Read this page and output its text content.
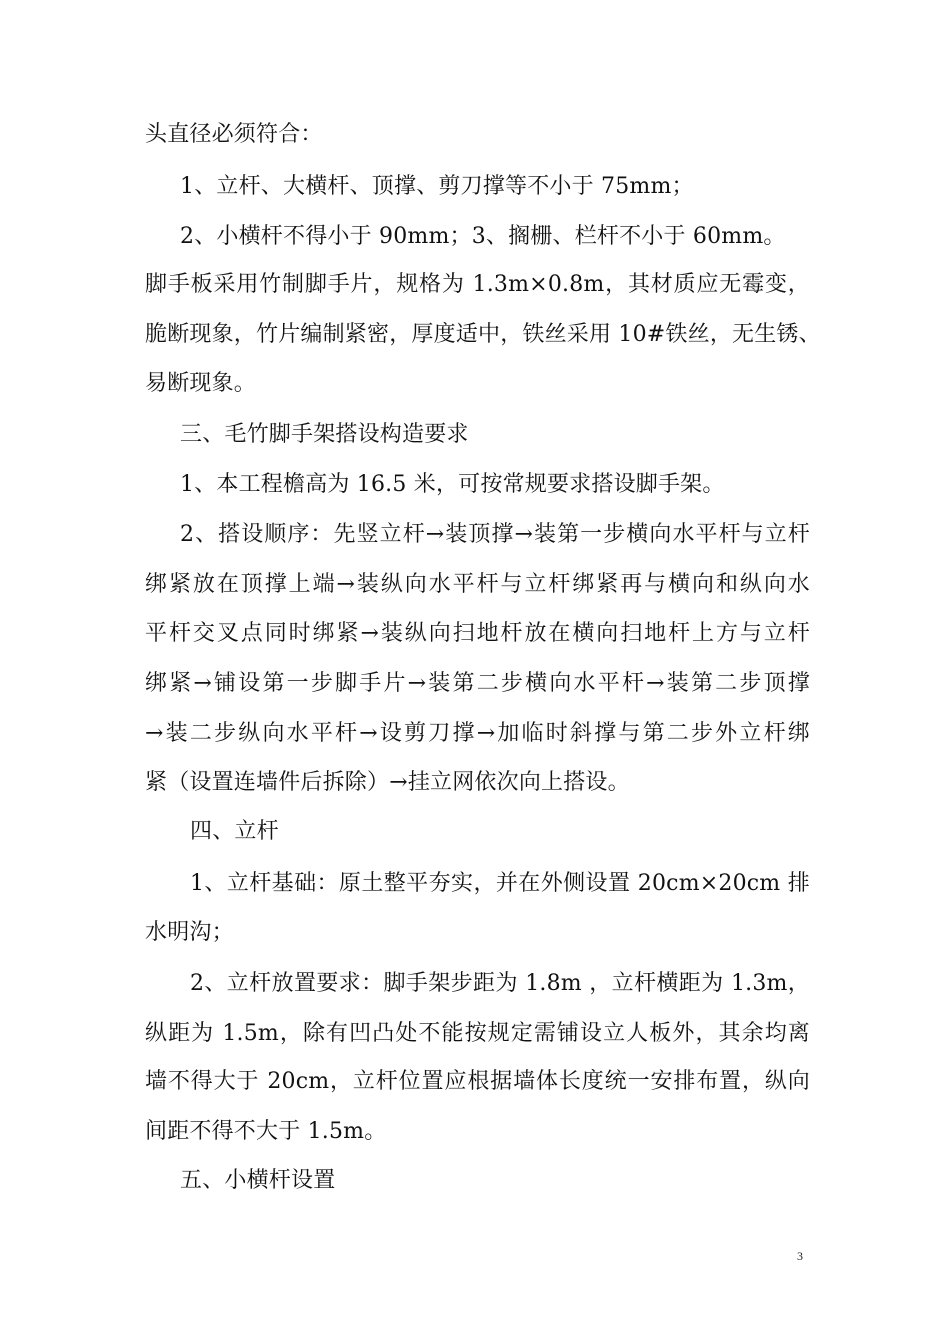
头直径必须符合：
1、立杆、大横杆、顶撑、剪刀撑等不小于 75mm；
2、小横杆不得小于 90mm；3、搁栅、栏杆不小于 60mm。
脚手板采用竹制脚手片，规格为 1.3m×0.8m，其材质应无霉变，
脆断现象，竹片编制紧密，厚度适中，铁丝采用 10#铁丝，无生锈、
易断现象。
三、毛竹脚手架搭设构造要求
1、本工程檐高为 16.5 米，可按常规要求搭设脚手架。
2、搭设顺序：先竖立杆→装顶撑→装第一步横向水平杆与立杆
绑紧放在顶撑上端→装纵向水平杆与立杆绑紧再与横向和纵向水
平杆交叉点同时绑紧→装纵向扫地杆放在横向扫地杆上方与立杆
绑紧→铺设第一步脚手片→装第二步横向水平杆→装第二步顶撑
→装二步纵向水平杆→设剪刀撑→加临时斜撑与第二步外立杆绑
紧（设置连墙件后拆除）→挂立网依次向上搭设。
四、立杆
1、立杆基础：原土整平夯实，并在外侧设置 20cm×20cm 排
水明沟；
2、立杆放置要求：脚手架步距为 1.8m ，立杆横距为 1.3m，
纵距为 1.5m，除有凹凸处不能按规定需铺设立人板外，其余均离
墙不得大于 20cm，立杆位置应根据墙体长度统一安排布置，纵向
间距不得不大于 1.5m。
五、小横杆设置
3
